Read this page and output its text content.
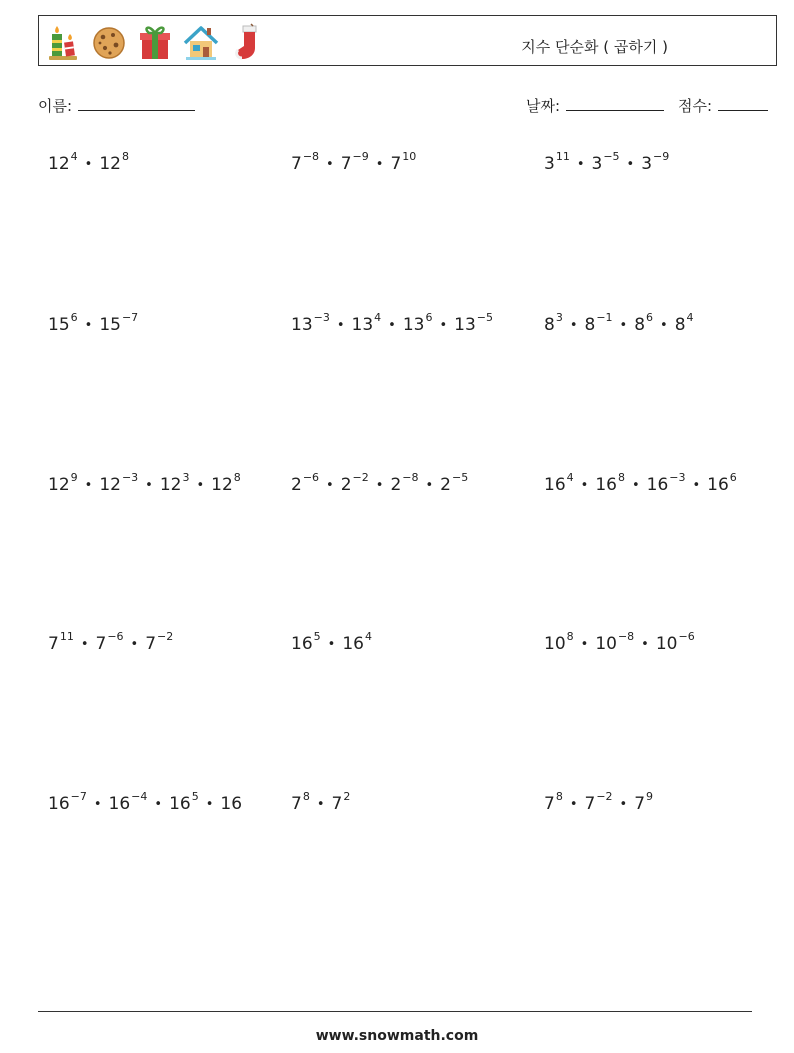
지수 단순화 ( 곱하기 )
이름:	날짜:	점수:
$12^4•$ $12^8$	$7^{-8}•$ $7^{-9}•$ $7^{10}$	$3^{11}•$ $3^{-5}•$ $3^{-9}$
$15^6•$ $15^{-7}$	$13^{-3}•$ $13^4•$ $13^6•$ $13^{-5}$	$8^3•$ $8^{-1}•$ $8^6•$ $8^4$
$12^9•$ $12^{-3}•$ $12^3•$ $12^8$	$2^{-6}•$ $2^{-2}•$ $2^{-8}•$ $2^{-5}$	$16^4•$ $16^8•$ $16^{-3}•$ $16^6$
$7^{11}•$ $7^{-6}•$ $7^{-2}$	$16^5•$ $16^4$	$10^8•$ $10^{-8}•$ $10^{-6}$
$16^{-7}•$ $16^{-4}•$ $16^5•$ 16	$7^8•$ $7^2$	$7^8•$ $7^{-2}•$ $7^9$
www.snowmath.com
